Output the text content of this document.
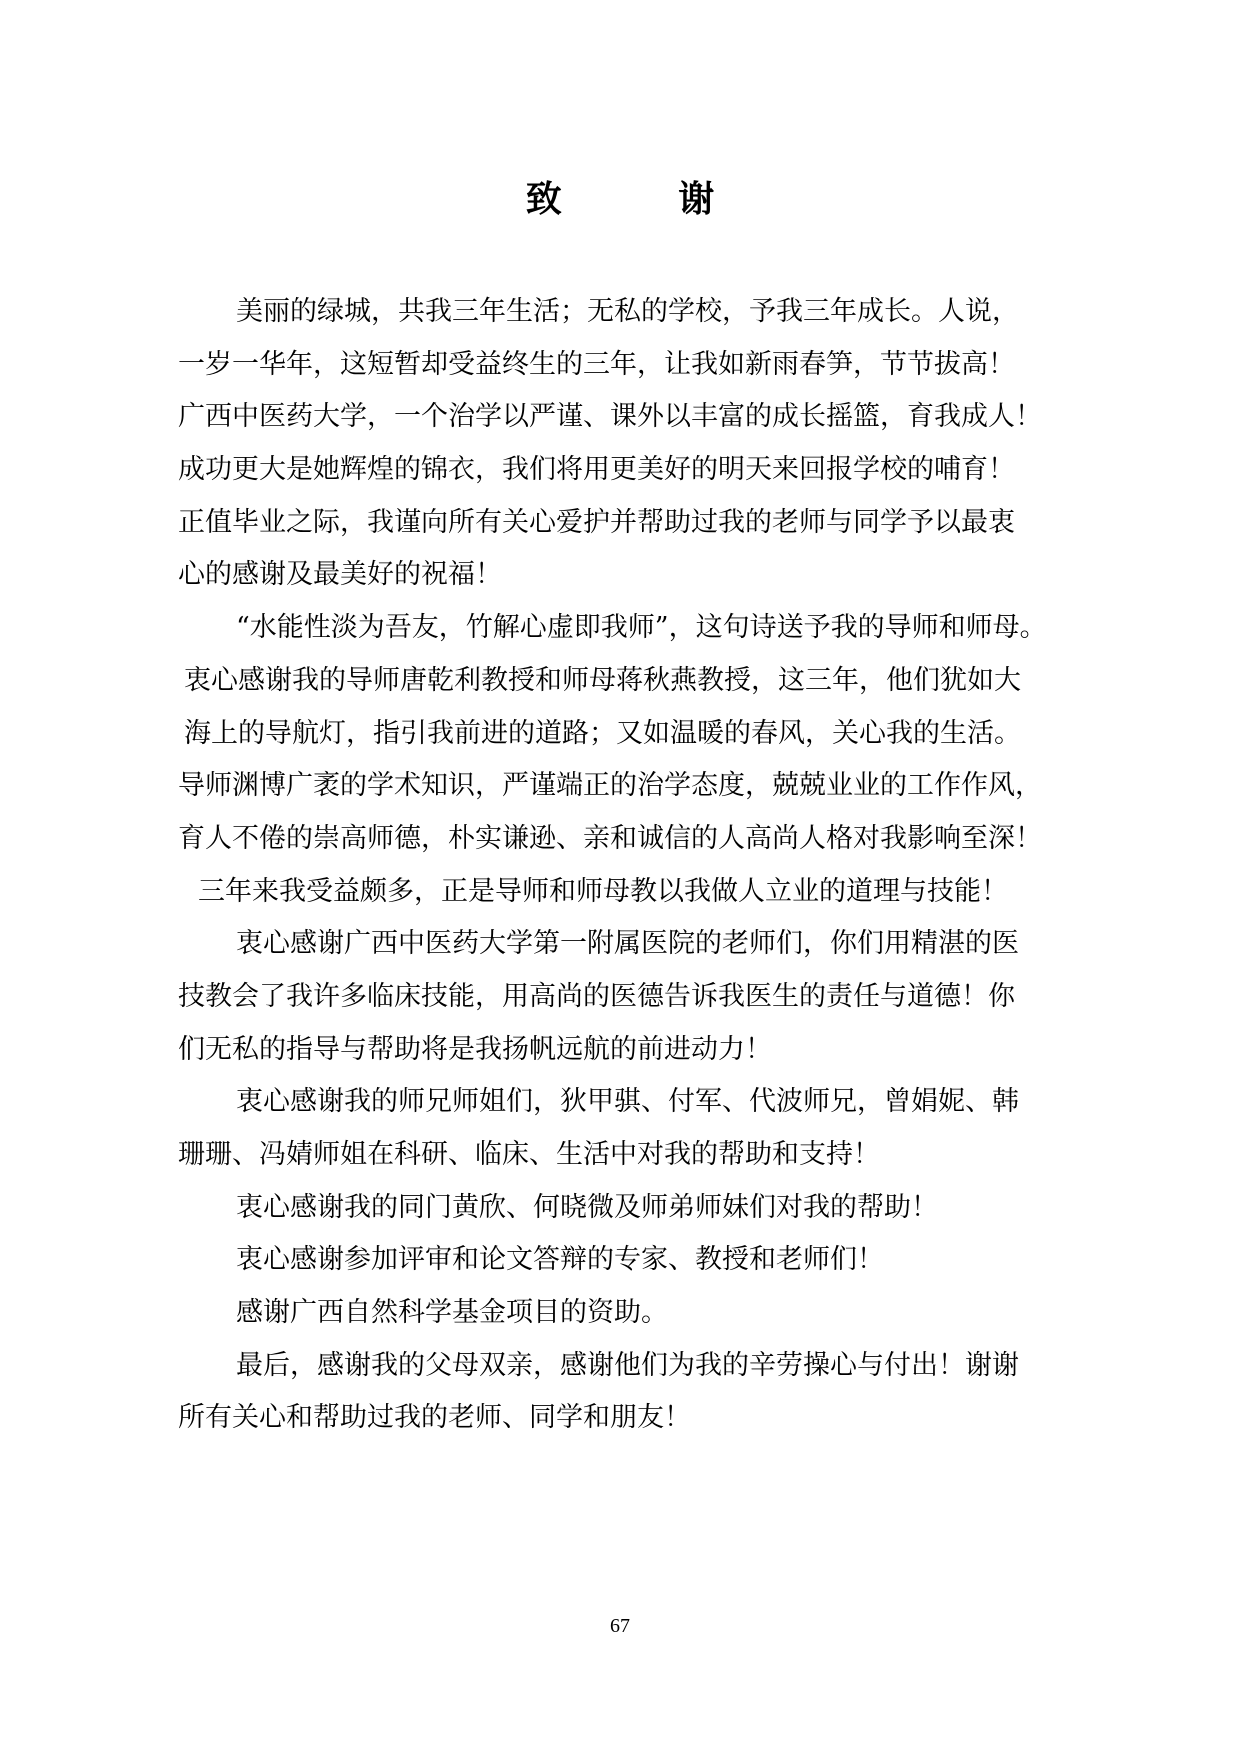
致 谢
美丽的绿城，共我三年生活；无私的学校，予我三年成长。人说，
一岁一华年，这短暂却受益终生的三年，让我如新雨春笋，节节拔高！
广西中医药大学，一个治学以严谨、课外以丰富的成长摇篮，育我成人！
成功更大是她辉煌的锦衣，我们将用更美好的明天来回报学校的哺育！
正值毕业之际，我谨向所有关心爱护并帮助过我的老师与同学予以最衷
心的感谢及最美好的祝福！
“水能性淡为吾友，竹解心虚即我师”，这句诗送予我的导师和师母。
衷心感谢我的导师唐乾利教授和师母蒋秋燕教授，这三年，他们犹如大
海上的导航灯，指引我前进的道路；又如温暖的春风，关心我的生活。
导师渊博广袤的学术知识，严谨端正的治学态度，兢兢业业的工作作风，
育人不倦的崇高师德，朴实谦逊、亲和诚信的人高尚人格对我影响至深！
三年来我受益颇多，正是导师和师母教以我做人立业的道理与技能！
衷心感谢广西中医药大学第一附属医院的老师们，你们用精湛的医
技教会了我许多临床技能，用高尚的医德告诉我医生的责任与道德！你
们无私的指导与帮助将是我扬帆远航的前进动力！
衷心感谢我的师兄师姐们，狄甲骐、付军、代波师兄，曾娟妮、韩
珊珊、冯婧师姐在科研、临床、生活中对我的帮助和支持！
衷心感谢我的同门黄欣、何晓微及师弟师妹们对我的帮助！
衷心感谢参加评审和论文答辩的专家、教授和老师们！
感谢广西自然科学基金项目的资助。
最后，感谢我的父母双亲，感谢他们为我的辛劳操心与付出！谢谢
所有关心和帮助过我的老师、同学和朋友！
67
